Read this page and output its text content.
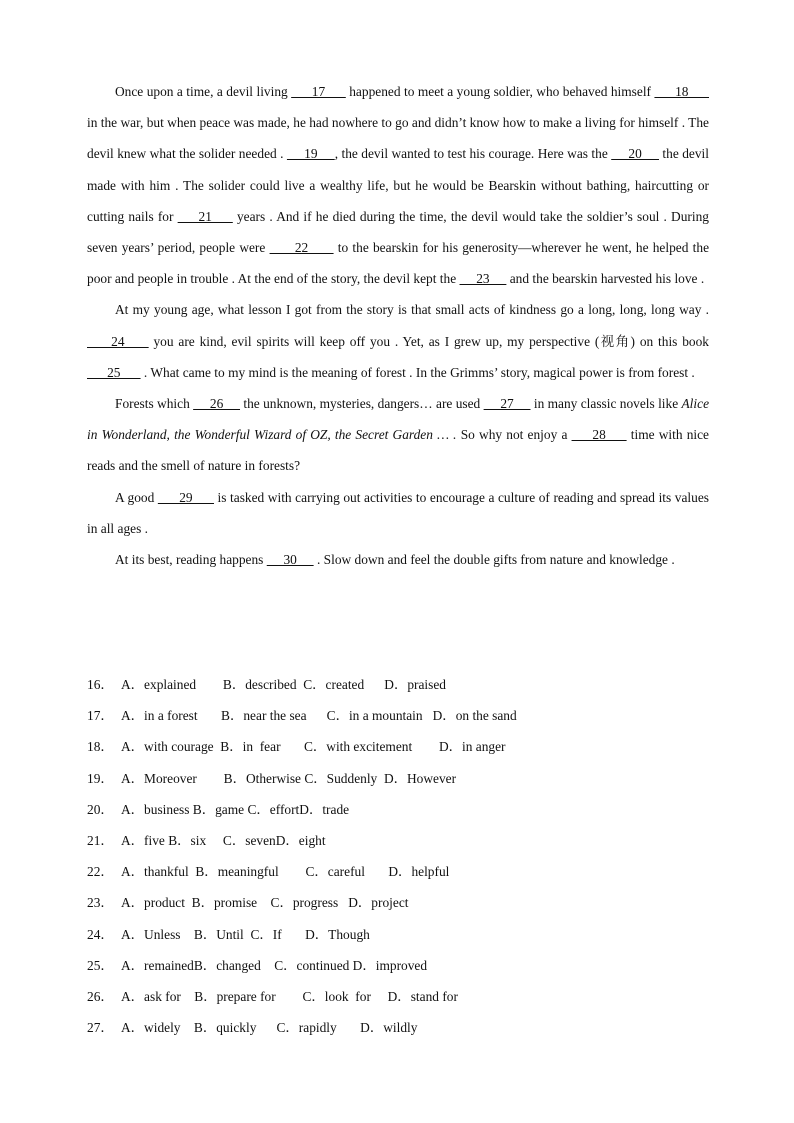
Once upon a time, a devil living       17       happened to meet a young soldier, who behaved himself       18       in the war, but when peace was made, he had nowhere to go and didn’t know how to make a living for himself . The devil knew what the solider needed .      19     , the devil wanted to test his courage. Here was the      20      the devil made with him . The solider could live a wealthy life, but he would be Bearskin without bathing, haircutting or cutting nails for      21      years . And if he died during the time, the devil would take the soldier’s soul . During seven years’ period, people were       22       to the bearskin for his generosity—wherever he went, he helped the poor and people in trouble . At the end of the story, the devil kept the      23      and the bearskin harvested his love .

At my young age, what lesson I got from the story is that small acts of kindness go a long, long, long way .      24      you are kind, evil spirits will keep off you . Yet, as I grew up, my perspective (视角) on this book       25       . What came to my mind is the meaning of forest . In the Grimms’ story, magical power is from forest .

Forests which      26      the unknown, mysteries, dangers… are used      27      in many classic novels like Alice in Wonderland, the Wonderful Wizard of OZ, the Secret Garden … . So why not enjoy a      28      time with nice reads and the smell of nature in forests?

A good       29       is tasked with carrying out activities to encourage a culture of reading and spread its values in all ages .

At its best, reading happens      30      . Slow down and feel the double gifts from nature and knowledge .

16． A．explained        B．described  C．created      D．praised
17． A．in a forest       B．near the sea      C．in a mountain   D．on the sand
18． A．with courage  B．in  fear       C．with excitement        D．in anger
19． A．Moreover        B．Otherwise C．Suddenly  D．However
20． A．business B．game C．effortD．trade
21． A．five B．six     C．sevenD．eight
22． A．thankful  B．meaningful        C．careful       D．helpful
23． A．product  B．promise    C．progress   D．project
24． A．Unless    B．Until  C．If       D．Though
25． A．remainedB．changed    C．continued D．improved
26． A．ask for    B．prepare for        C．look  for     D．stand for
27． A．widely    B．quickly      C．rapidly       D．wildly
